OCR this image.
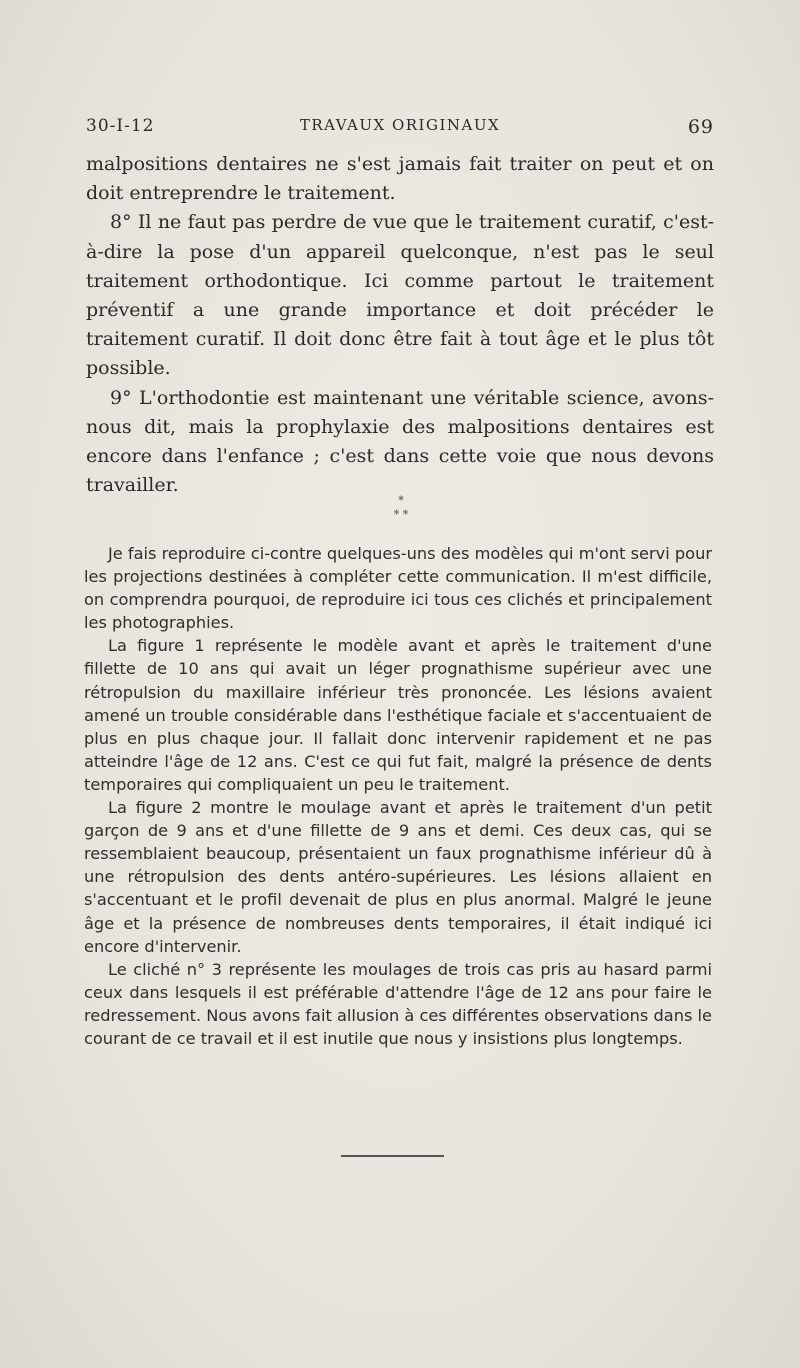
30-I-12	TRAVAUX ORIGINAUX	69

malpositions dentaires ne s'est jamais fait traiter on peut et on doit entreprendre le traitement.

8° Il ne faut pas perdre de vue que le traitement curatif, c'est-à-dire la pose d'un appareil quelconque, n'est pas le seul traitement orthodontique. Ici comme partout le traitement préventif a une grande importance et doit précéder le traitement curatif. Il doit donc être fait à tout âge et le plus tôt possible.

9° L'orthodontie est maintenant une véritable science, avons-nous dit, mais la prophylaxie des malpositions dentaires est encore dans l'enfance ; c'est dans cette voie que nous devons travailler.

*
* *

Je fais reproduire ci-contre quelques-uns des modèles qui m'ont servi pour les projections destinées à compléter cette communication. Il m'est difficile, on comprendra pourquoi, de reproduire ici tous ces clichés et principalement les photographies.

La figure 1 représente le modèle avant et après le traitement d'une fillette de 10 ans qui avait un léger prognathisme supérieur avec une rétropulsion du maxillaire inférieur très prononcée. Les lésions avaient amené un trouble considérable dans l'esthétique faciale et s'accentuaient de plus en plus chaque jour. Il fallait donc intervenir rapidement et ne pas atteindre l'âge de 12 ans. C'est ce qui fut fait, malgré la présence de dents temporaires qui compliquaient un peu le traitement.

La figure 2 montre le moulage avant et après le traitement d'un petit garçon de 9 ans et d'une fillette de 9 ans et demi. Ces deux cas, qui se ressemblaient beaucoup, présentaient un faux prognathisme inférieur dû à une rétropulsion des dents antéro-supérieures. Les lésions allaient en s'accentuant et le profil devenait de plus en plus anormal. Malgré le jeune âge et la présence de nombreuses dents temporaires, il était indiqué ici encore d'intervenir.

Le cliché n° 3 représente les moulages de trois cas pris au hasard parmi ceux dans lesquels il est préférable d'attendre l'âge de 12 ans pour faire le redressement. Nous avons fait allusion à ces différentes observations dans le courant de ce travail et il est inutile que nous y insistions plus longtemps.
